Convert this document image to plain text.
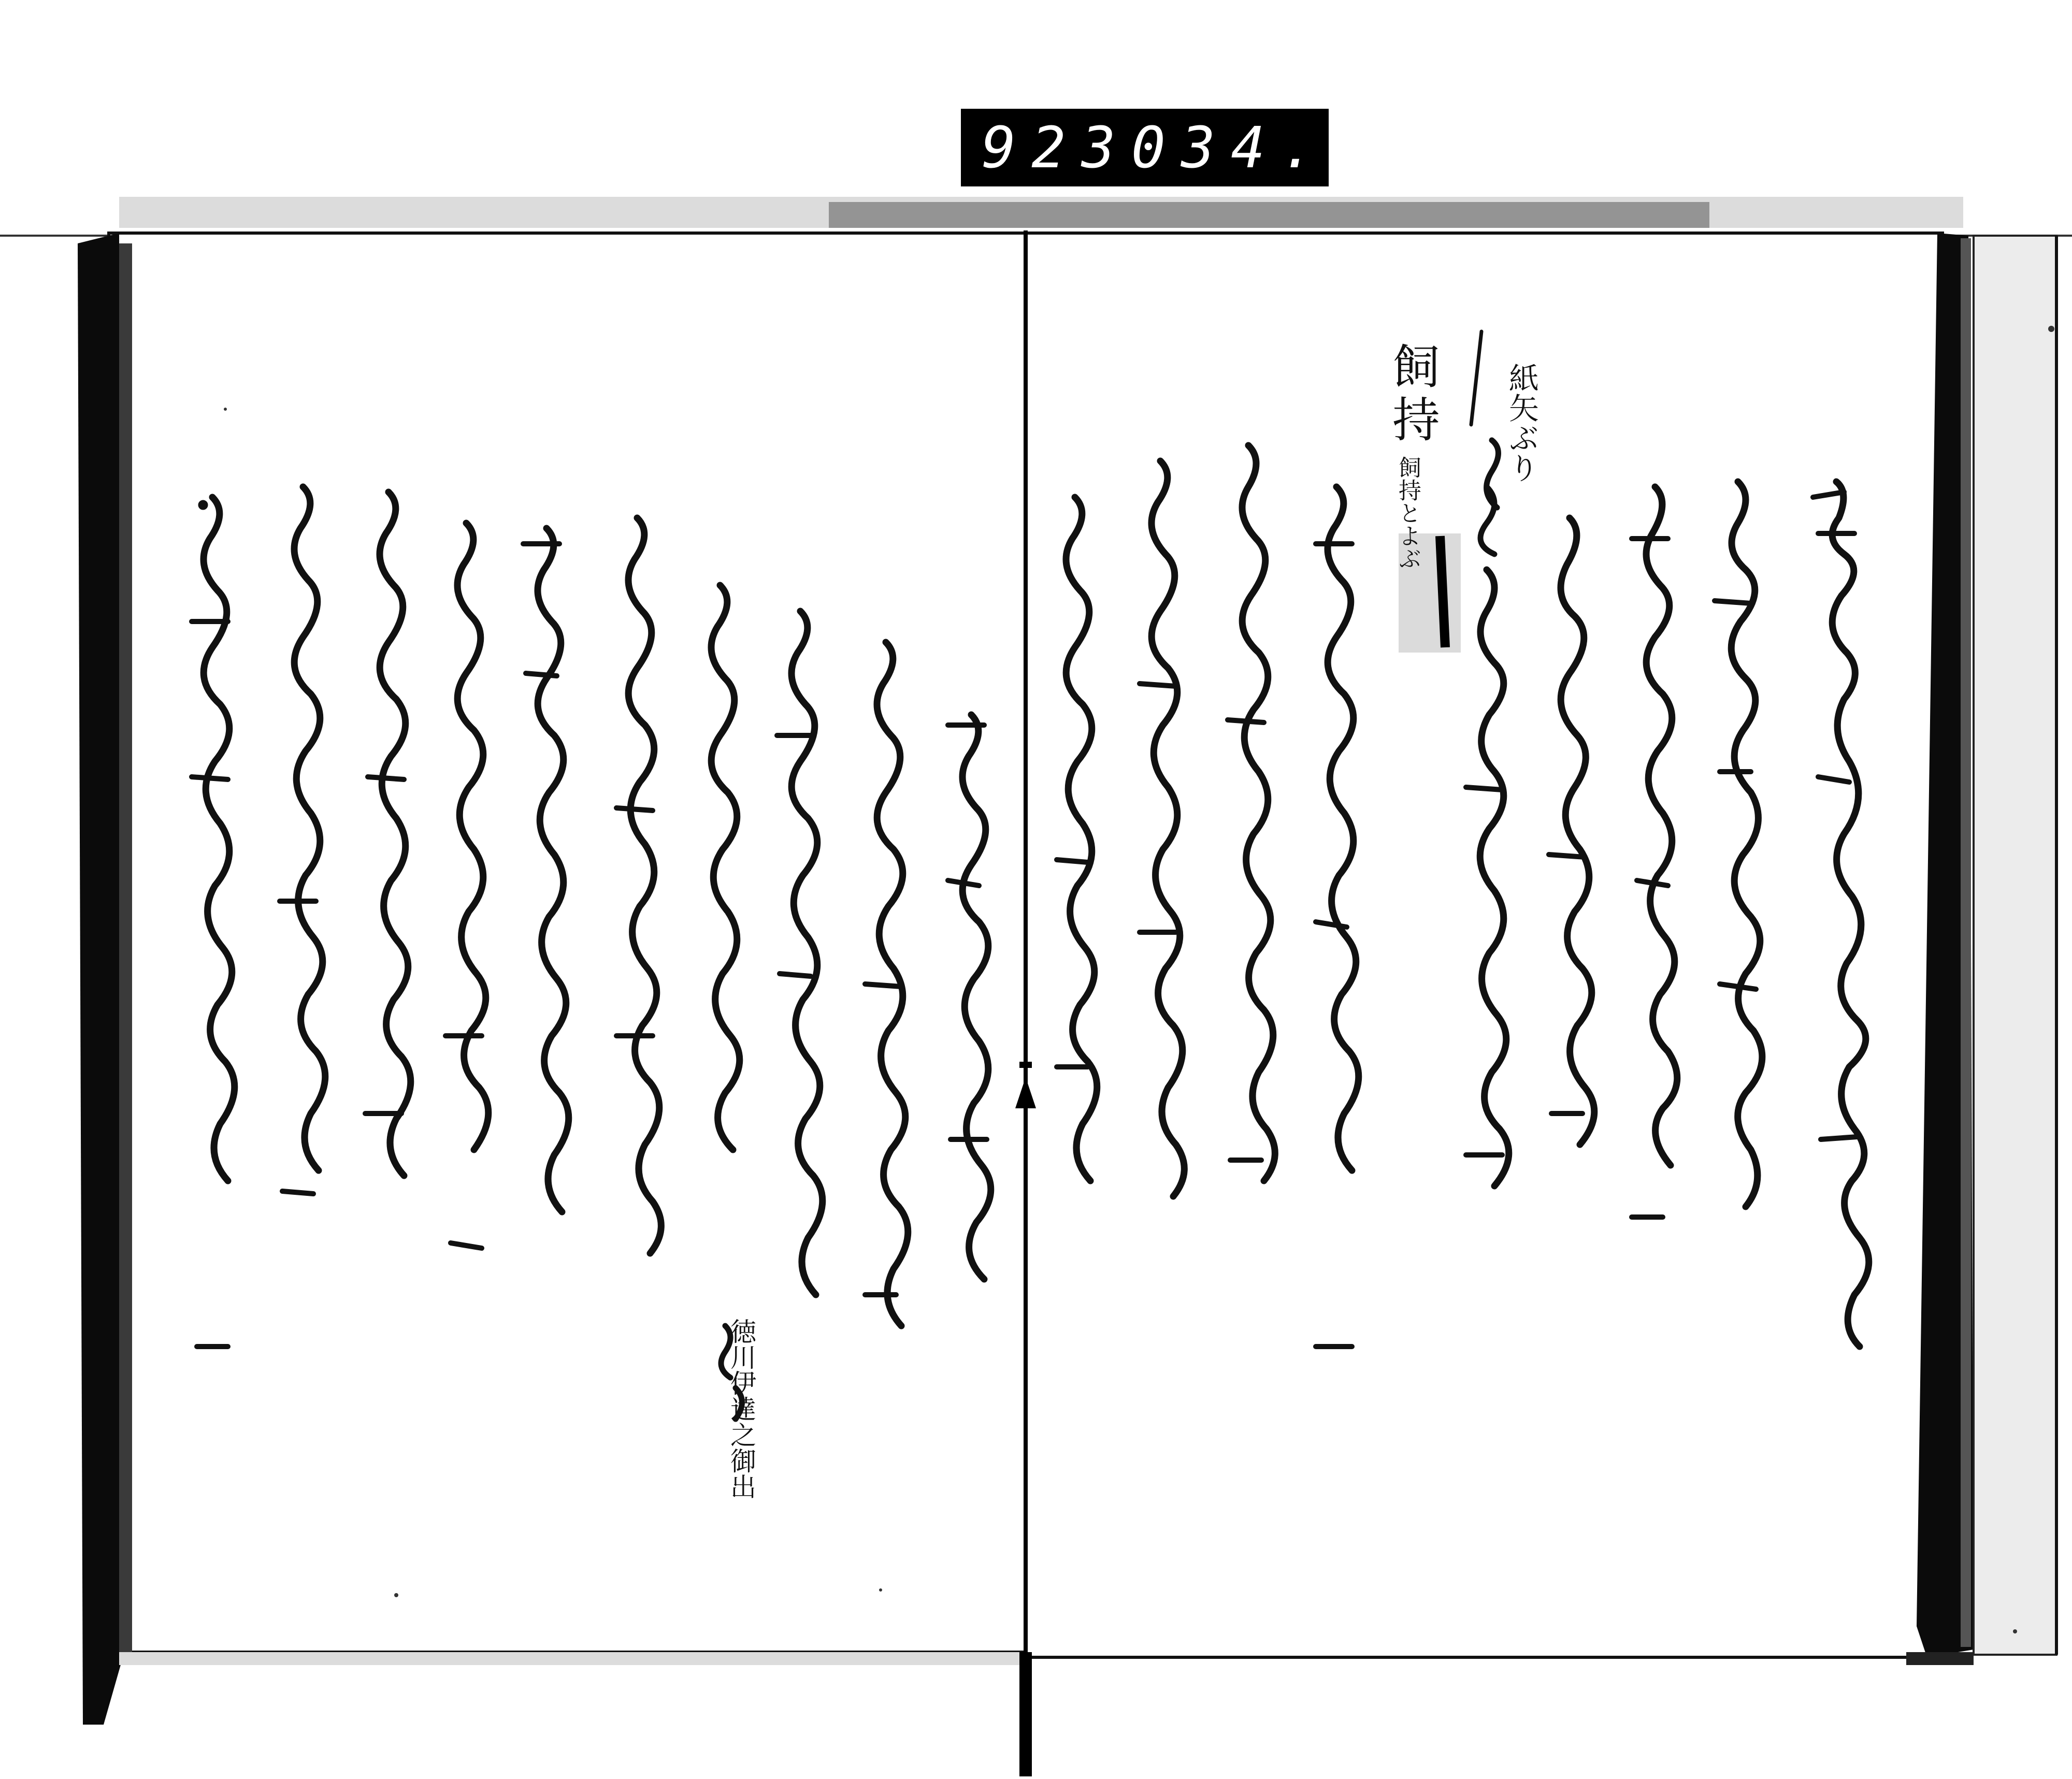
923 034.
飼持 紙矢ぶり
飼持とよぶ
徳川伊達之御出
